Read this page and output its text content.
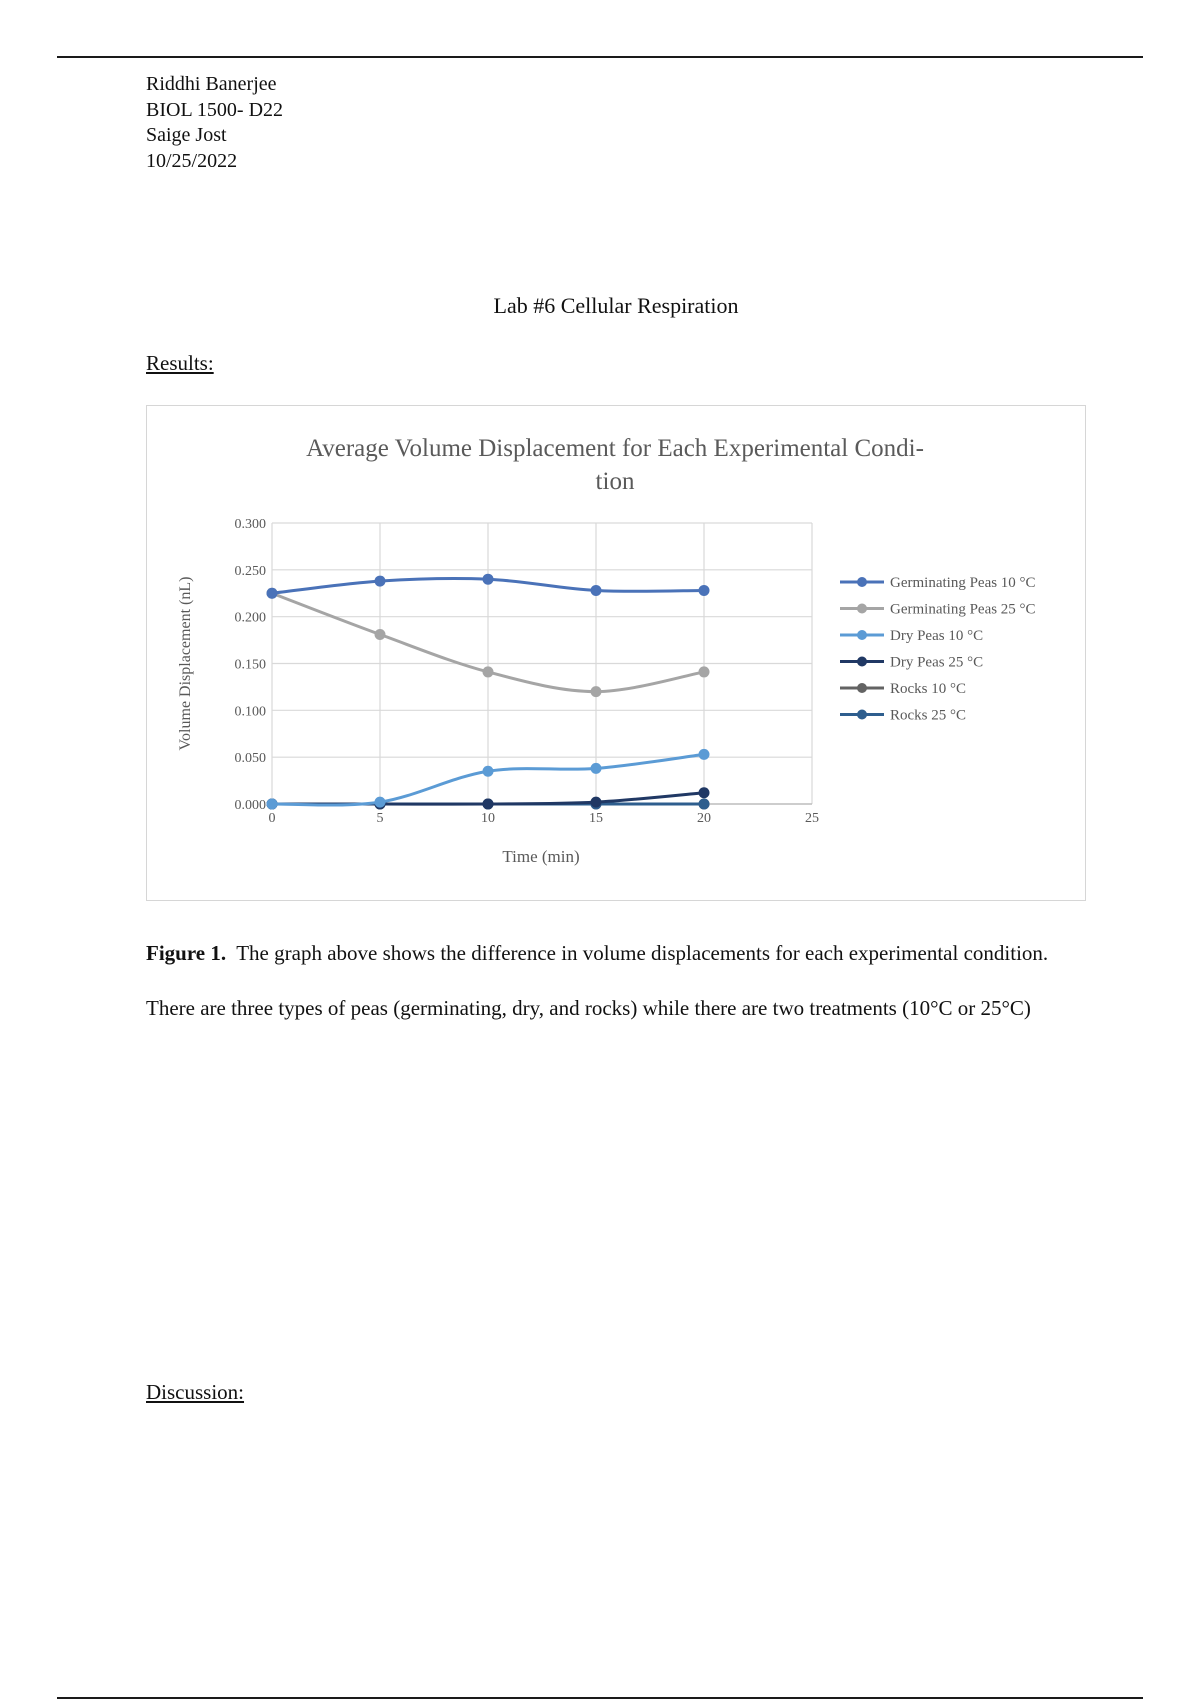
Riddhi Banerjee
BIOL 1500- D22
Saige Jost
10/25/2022
Lab #6 Cellular Respiration
Results:
Average Volume Displacement for Each Experimental Condi-
tion
0.000
0.050
0.100
0.150
0.200
0.250
0.300
0	5	10	15	20	25
Time (min)
Volume Displacement (nL)	Germinating Peas 10 °C
Germinating Peas 25 °C
Dry Peas 10 °C
Dry Peas 25 °C
Rocks 10 °C
Rocks 25 °C
Figure 1. The graph above shows the difference in volume displacements for each experimental condition. There are three types of peas (germinating, dry, and rocks) while there are two treatments (10°C or 25°C)
Discussion:
